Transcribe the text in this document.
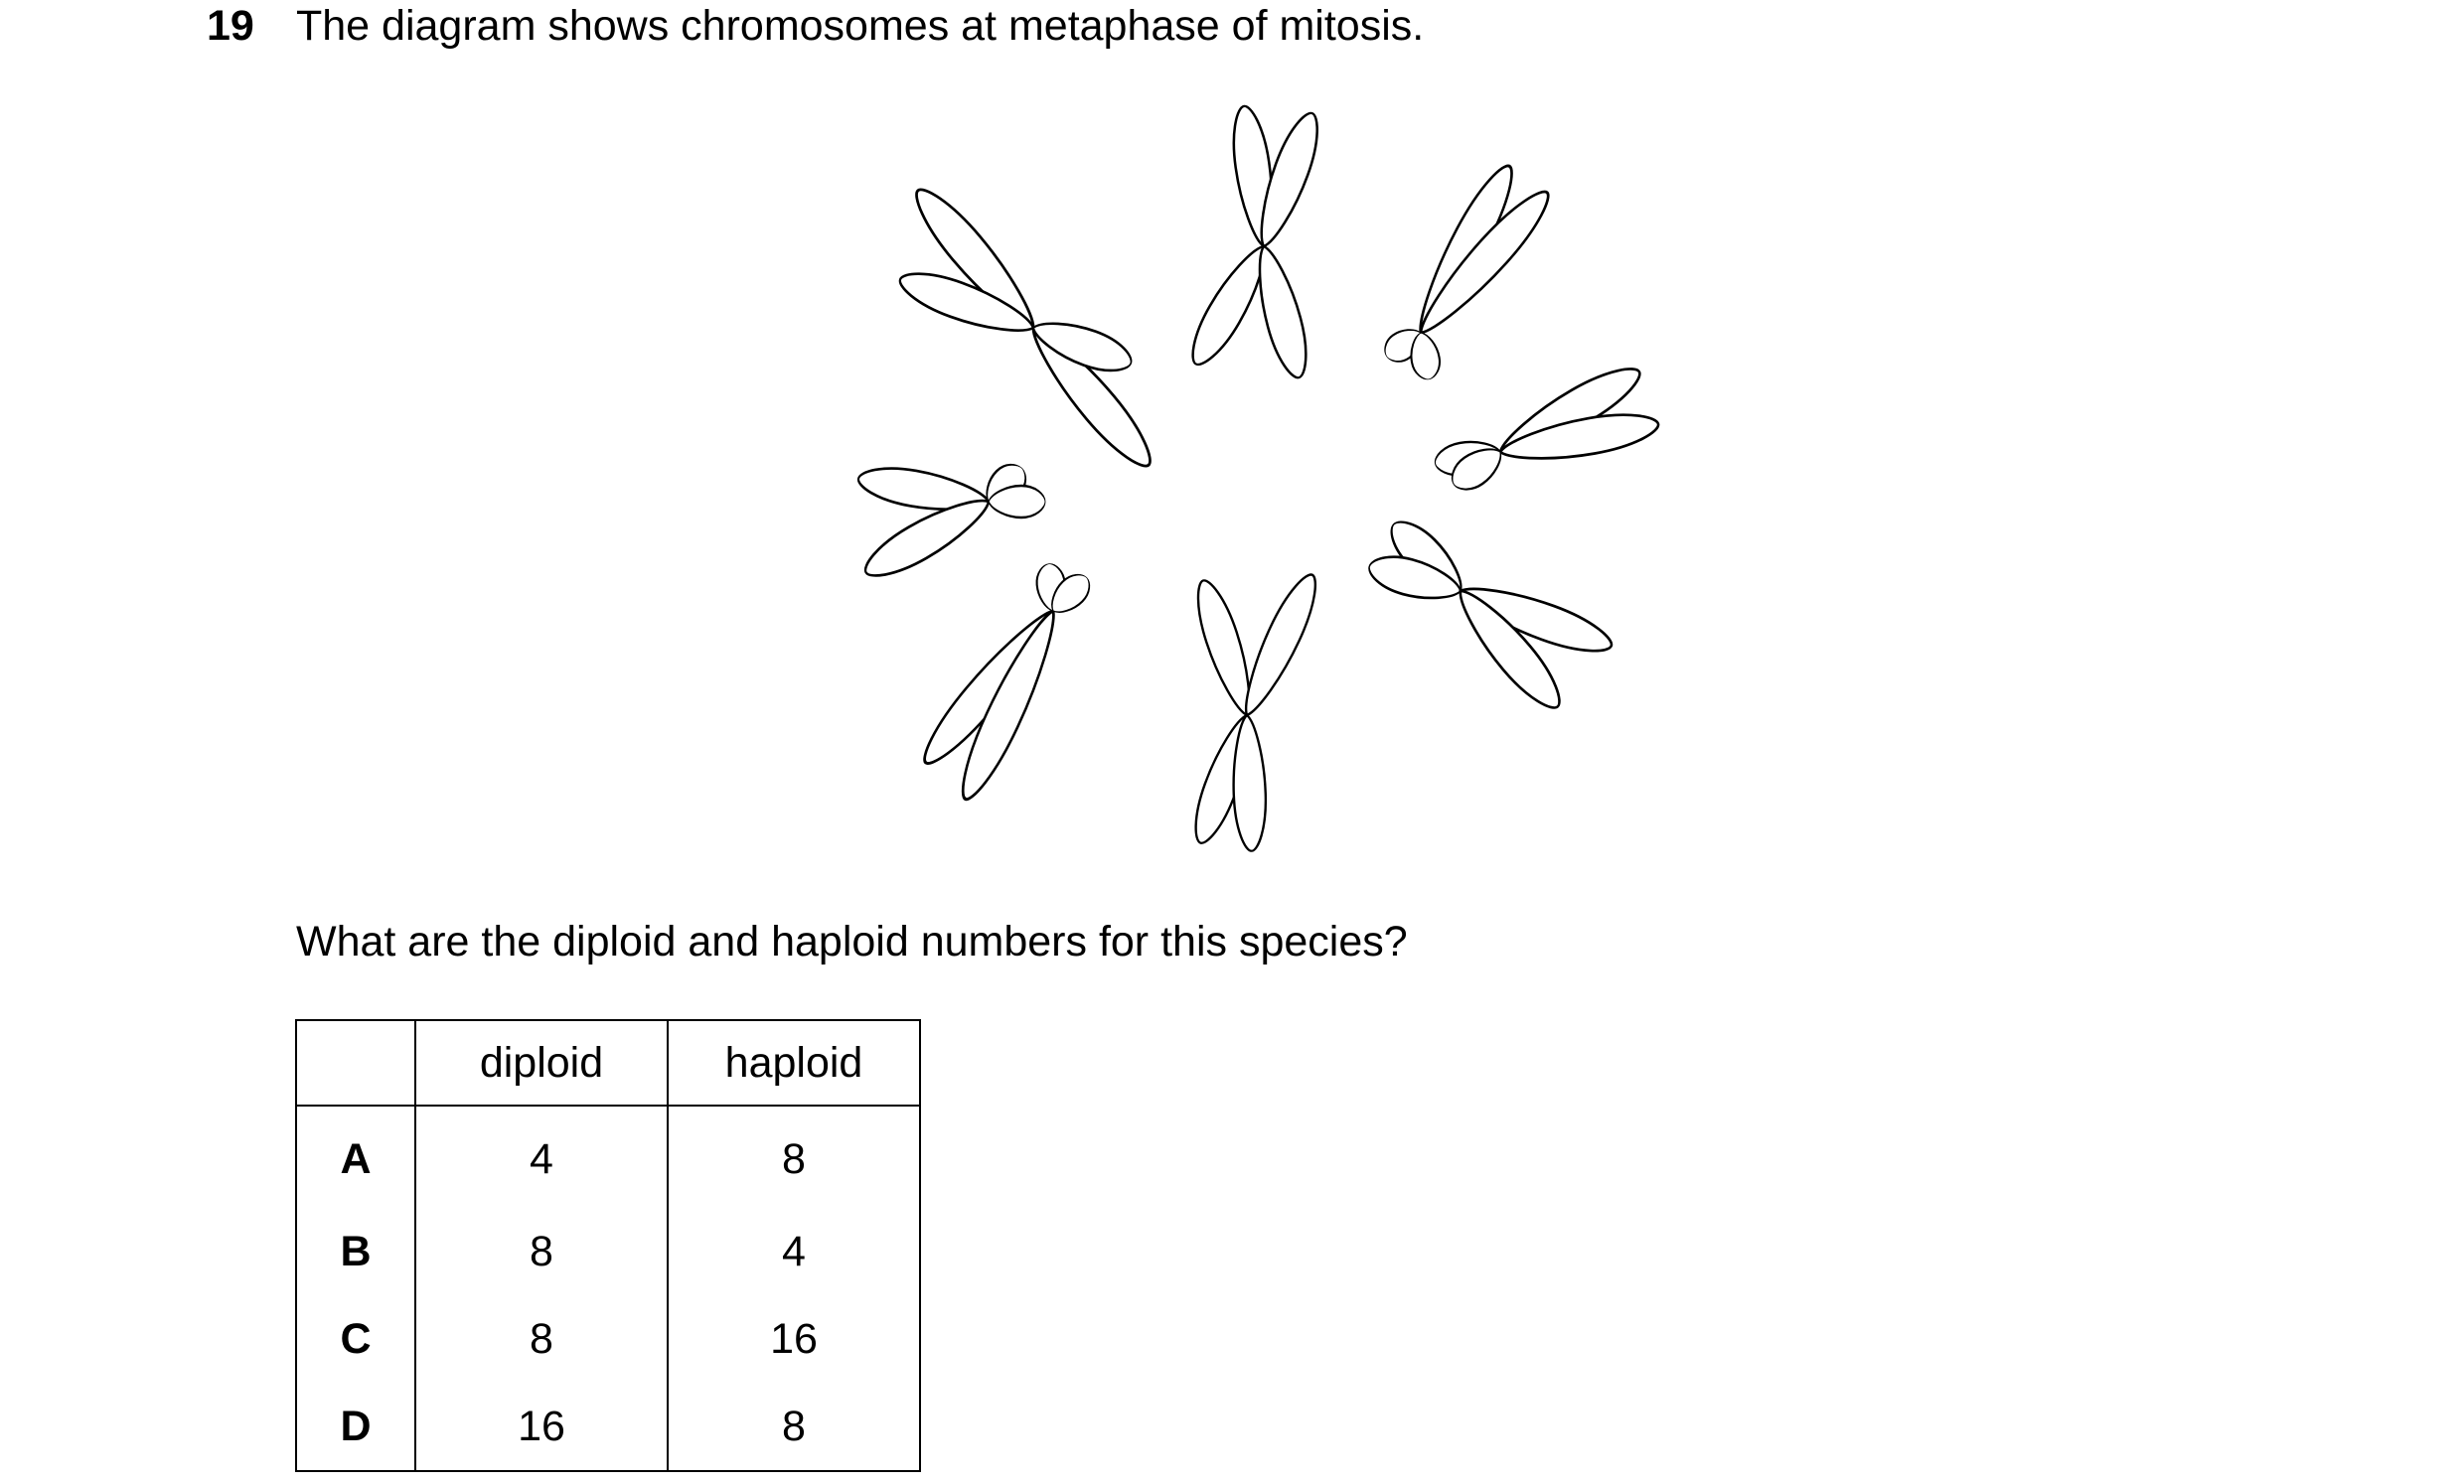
19 The diagram shows chromosomes at metaphase of mitosis.
What are the diploid and haploid numbers for this species?
	diploid	haploid
A	4	8
B	8	4
C	8	16
D	16	8
